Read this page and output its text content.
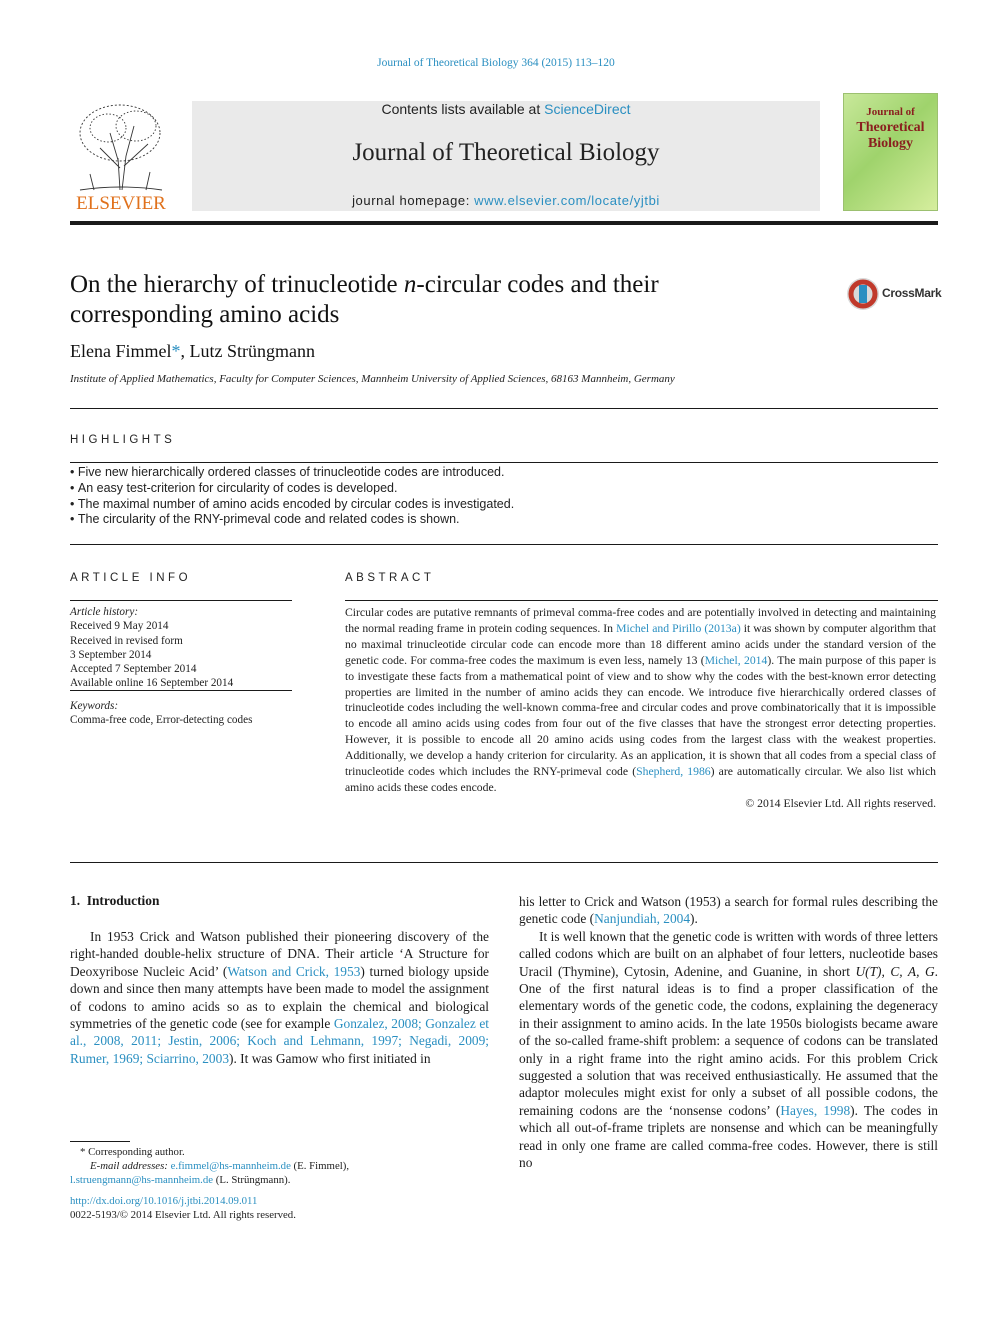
Journal of Theoretical Biology 364 (2015) 113–120
ELSEVIER
Contents lists available at ScienceDirect
Journal of Theoretical Biology
journal homepage: www.elsevier.com/locate/yjtbi
Journal of
Theoretical
Biology
On the hierarchy of trinucleotide n-circular codes and their
corresponding amino acids
CrossMark
Elena Fimmel*, Lutz Strüngmann
Institute of Applied Mathematics, Faculty for Computer Sciences, Mannheim University of Applied Sciences, 68163 Mannheim, Germany
HIGHLIGHTS
• Five new hierarchically ordered classes of trinucleotide codes are introduced.
• An easy test-criterion for circularity of codes is developed.
• The maximal number of amino acids encoded by circular codes is investigated.
• The circularity of the RNY-primeval code and related codes is shown.
ARTICLE INFO
Article history:
Received 9 May 2014
Received in revised form
3 September 2014
Accepted 7 September 2014
Available online 16 September 2014
Keywords:
Comma-free code, Error-detecting codes
ABSTRACT
Circular codes are putative remnants of primeval comma-free codes and are potentially involved in detecting and maintaining the normal reading frame in protein coding sequences. In Michel and Pirillo (2013a) it was shown by computer algorithm that no maximal trinucleotide circular code can encode more than 18 different amino acids under the standard version of the genetic code. For comma-free codes the maximum is even less, namely 13 (Michel, 2014). The main purpose of this paper is to investigate these facts from a mathematical point of view and to show why the codes with the best-known error detecting properties are limited in the number of amino acids they can encode. We introduce five hierarchically ordered classes of trinucleotide codes including the well-known comma-free and circular codes and prove combinatorically that it is impossible to encode all amino acids using codes from four out of the five classes that have the strongest error detecting properties. However, it is possible to encode all 20 amino acids using codes from the largest class with the weakest properties. Additionally, we develop a handy criterion for circularity. As an application, it is shown that all codes from a special class of trinucleotide codes which includes the RNY-primeval code (Shepherd, 1986) are automatically circular. We also list which amino acids these codes encode.
© 2014 Elsevier Ltd. All rights reserved.
1. Introduction

In 1953 Crick and Watson published their pioneering discovery of the right-handed double-helix structure of DNA. Their article ‘A Structure for Deoxyribose Nucleic Acid’ (Watson and Crick, 1953) turned biology upside down and since then many attempts have been made to model the assignment of codons to amino acids so as to explain the chemical and biological symmetries of the genetic code (see for example Gonzalez, 2008; Gonzalez et al., 2008, 2011; Jestin, 2006; Koch and Lehmann, 1997; Negadi, 2009; Rumer, 1969; Sciarrino, 2003). It was Gamow who first initiated in

his letter to Crick and Watson (1953) a search for formal rules describing the genetic code (Nanjundiah, 2004).

It is well known that the genetic code is written with words of three letters called codons which are built on an alphabet of four letters, nucleotide bases Uracil (Thymine), Cytosin, Adenine, and Guanine, in short U(T), C, A, G. One of the first natural ideas is to find a proper classification of the elementary words of the genetic code, the codons, explaining the degeneracy in their assignment to amino acids. In the late 1950s biologists became aware of the so-called frame-shift problem: a sequence of codons can be translated only in a right frame into the right amino acids. For this problem Crick suggested a solution that was received enthusiastically. He assumed that the adaptor molecules might exist for only a subset of all possible codons, the remaining codons are the ‘nonsense codons’ (Hayes, 1998). The codes in which all out-of-frame triplets are nonsense and which can be meaningfully read in only one frame are called comma-free codes. However, there is still no

* Corresponding author.
E-mail addresses: e.fimmel@hs-mannheim.de (E. Fimmel),
l.struengmann@hs-mannheim.de (L. Strüngmann).
http://dx.doi.org/10.1016/j.jtbi.2014.09.011
0022-5193/© 2014 Elsevier Ltd. All rights reserved.
